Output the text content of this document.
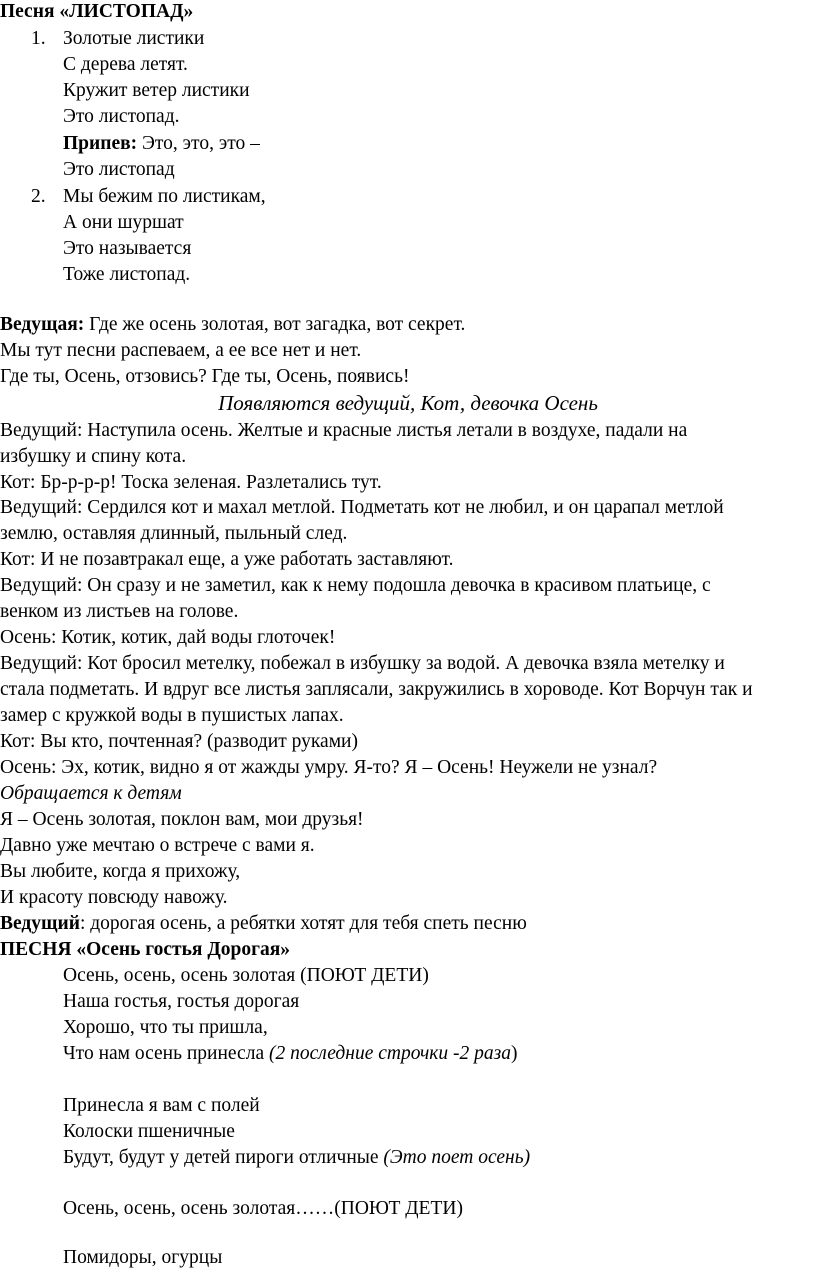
Песня «ЛИСТОПАД»
1. Золотые листики
С дерева летят.
Кружит ветер листики
Это листопад.
Припев: Это, это, это –
Это листопад
2. Мы бежим по листикам,
А они шуршат
Это называется
Тоже листопад.
Ведущая: Где же осень золотая, вот загадка, вот секрет.
Мы тут песни распеваем, а ее все нет и нет.
Где ты, Осень, отзовись? Где ты, Осень, появись!
Появляются ведущий, Кот, девочка Осень
Ведущий: Наступила осень. Желтые и красные листья летали в воздухе, падали на
избушку и спину кота.
Кот: Бр-р-р-р! Тоска зеленая. Разлетались тут.
Ведущий: Сердился кот и махал метлой. Подметать кот не любил, и он царапал метлой
землю, оставляя длинный, пыльный след.
Кот: И не позавтракал еще, а уже работать заставляют.
Ведущий: Он сразу и не заметил, как к нему подошла девочка в красивом платьице, с
венком из листьев на голове.
Осень: Котик, котик, дай воды глоточек!
Ведущий: Кот бросил метелку, побежал в избушку за водой. А девочка взяла метелку и
стала подметать. И вдруг все листья заплясали, закружились в хороводе. Кот Ворчун так и
замер с кружкой воды в пушистых лапах.
Кот: Вы кто, почтенная? (разводит руками)
Осень: Эх, котик, видно я от жажды умру. Я-то? Я – Осень! Неужели не узнал?
Обращается к детям
Я – Осень золотая, поклон вам, мои друзья!
Давно уже мечтаю о встрече с вами я.
Вы любите, когда я прихожу,
И красоту повсюду навожу.
Ведущий: дорогая осень, а ребятки хотят для тебя спеть песню
ПЕСНЯ «Осень гостья Дорогая»
Осень, осень, осень золотая (ПОЮТ ДЕТИ)
Наша гостья, гостья дорогая
Хорошо, что ты пришла,
Что нам осень принесла (2 последние строчки -2 раза)
Принесла я вам с полей
Колоски пшеничные
Будут, будут у детей пироги отличные (Это поет осень)
Осень, осень, осень золотая……(ПОЮТ ДЕТИ)
Помидоры, огурцы
